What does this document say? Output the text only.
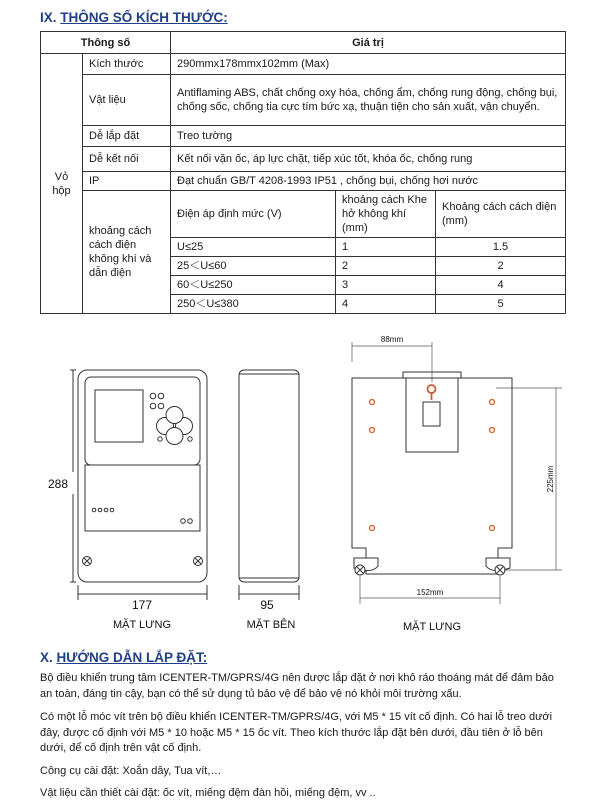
IX. THÔNG SỐ KÍCH THƯỚC:
Thông số		Giá trị		
Vỏ hộp	Kích thước	290mmx178mmx102mm (Max)		
	Vật liệu	Antiflaming ABS, chất chống oxy hóa, chống ẩm, chống rung động, chống bụi, chống sốc, chống tia cực tím bức xạ, thuận tiện cho sản xuất, vận chuyển.		
	Dễ lắp đặt	Treo tường		
	Dễ kết nối	Kết nối vặn ốc, áp lực chặt, tiếp xúc tốt, khóa ốc, chống rung		
	IP	Đạt chuẩn GB/T 4208-1993 IP51 , chống bụi, chống hơi nước		
	khoảng cách cách điện không khí và dẫn điện	Điện áp định mức (V)	khoảng cách Khe hở không khí (mm)	Khoảng cách cách điện (mm)
		U≤25	1	1.5
		25＜U≤60	2	2
		60＜U≤250	3	4
		250＜U≤380	4	5
288
177	95
88mm
225mm
152mm
MẶT LƯNG	MẶT BÊN	MẶT LƯNG
X. HƯỚNG DẪN LẮP ĐẶT:
Bộ điều khiển trung tâm ICENTER-TM/GPRS/4G nên được lắp đặt ở nơi khô ráo thoáng mát để đảm bảo an toàn, đáng tin cậy, bạn có thể sử dụng tủ bảo vệ để bảo vệ nó khỏi môi trường xấu.
Có một lỗ móc vít trên bộ điều khiển ICENTER-TM/GPRS/4G, với M5 * 15 vít cố định. Có hai lỗ treo dưới đây, được cố định với M5 * 10 hoặc M5 * 15 ốc vít. Theo kích thước lắp đặt bên dưới, đầu tiên ở lỗ bên dưới, để cố định trên vật cố định.
Công cụ cài đặt: Xoắn dây, Tua vít,…
Vật liệu cần thiết cài đặt: ốc vít, miếng đệm đàn hồi, miếng đệm, vv ..
